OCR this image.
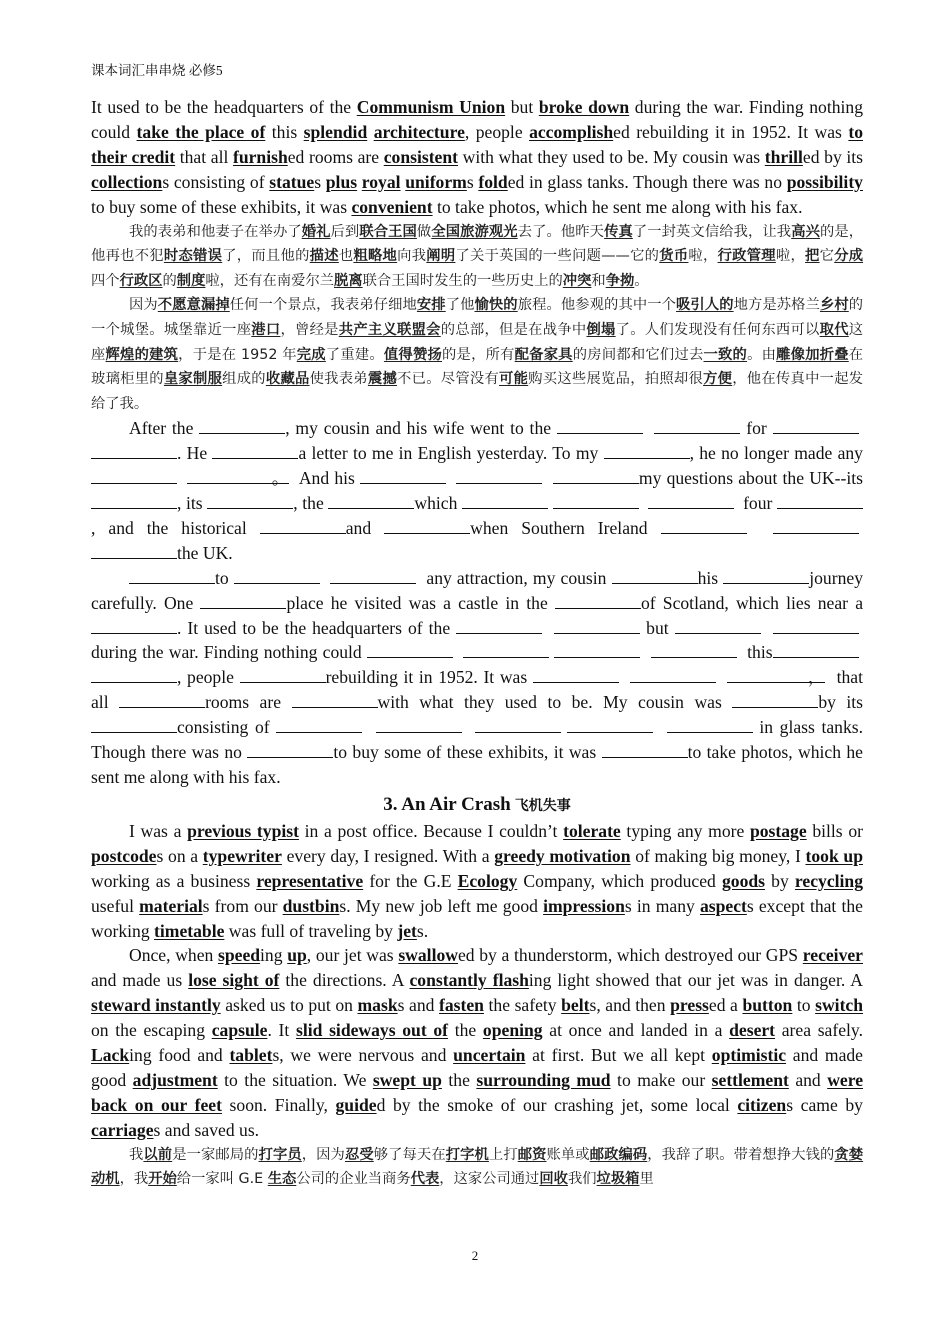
课本词汇串串烧 必修5

It used to be the headquarters of the Communism Union but broke down during the war. Finding nothing could take the place of this splendid architecture, people accomplished rebuilding it in 1952. It was to their credit that all furnished rooms are consistent with what they used to be. My cousin was thrilled by its collections consisting of statues plus royal uniforms folded in glass tanks. Though there was no possibility to buy some of these exhibits, it was convenient to take photos, which he sent me along with his fax.

我的表弟和他妻子在举办了婚礼后到联合王国做全国旅游观光去了。他昨天传真了一封英文信给我，让我高兴的是，他再也不犯时态错误了，而且他的描述也粗略地向我阐明了关于英国的一些问题——它的货币啦，行政管理啦，把它分成四个行政区的制度啦，还有在南爱尔兰脱离联合王国时发生的一些历史上的冲突和争拗。

因为不愿意漏掉任何一个景点，我表弟仔细地安排了他愉快的旅程。他参观的其中一个吸引人的地方是苏格兰乡村的一个城堡。城堡靠近一座港口，曾经是共产主义联盟会的总部，但是在战争中倒塌了。人们发现没有任何东西可以取代这座辉煌的建筑，于是在 1952 年完成了重建。值得赞扬的是，所有配备家具的房间都和它们过去一致的。由雕像加折叠在玻璃柜里的皇家制服组成的收藏品使我表弟震撼不已。尽管没有可能购买这些展览品，拍照却很方便，他在传真中一起发给了我。

After the	, my cousin and his wife went to the	for   . He	a letter to me in English yesterday. To my	, he no longer made any  。  And his	my questions about the UK--its , its	, the	which	four , and the historical	and	when Southern Ireland     the UK.

to	any attraction, my cousin	his	journey carefully. One	place he visited was a castle in the	of Scotland, which lies near a . It used to be the headquarters of the	but	during the war. Finding nothing could	this , people	rebuilding it in 1952. It was	，  that all	rooms are	with what they used to be. My cousin was	by its consisting of	in glass tanks. Though there was no	to buy some of these exhibits, it was	to take photos, which he sent me along with his fax.

3. An Air Crash 飞机失事

I was a previous typist in a post office. Because I couldn’t tolerate typing any more postage bills or postcodes on a typewriter every day, I resigned. With a greedy motivation of making big money, I took up working as a business representative for the G.E Ecology Company, which produced goods by recycling useful materials from our dustbins. My new job left me good impressions in many aspects except that the working timetable was full of traveling by jets.

Once, when speeding up, our jet was swallowed by a thunderstorm, which destroyed our GPS receiver and made us lose sight of the directions. A constantly flashing light showed that our jet was in danger. A steward instantly asked us to put on masks and fasten the safety belts, and then pressed a button to switch on the escaping capsule. It slid sideways out of the opening at once and landed in a desert area safely. Lacking food and tablets, we were nervous and uncertain at first. But we all kept optimistic and made good adjustment to the situation. We swept up the surrounding mud to make our settlement and were back on our feet soon. Finally, guided by the smoke of our crashing jet, some local citizens came by carriages and saved us.

我以前是一家邮局的打字员，因为忍受够了每天在打字机上打邮资账单或邮政编码，我辞了职。带着想挣大钱的贪婪动机，我开始给一家叫 G.E 生态公司的企业当商务代表，这家公司通过回收我们垃圾箱里

2
